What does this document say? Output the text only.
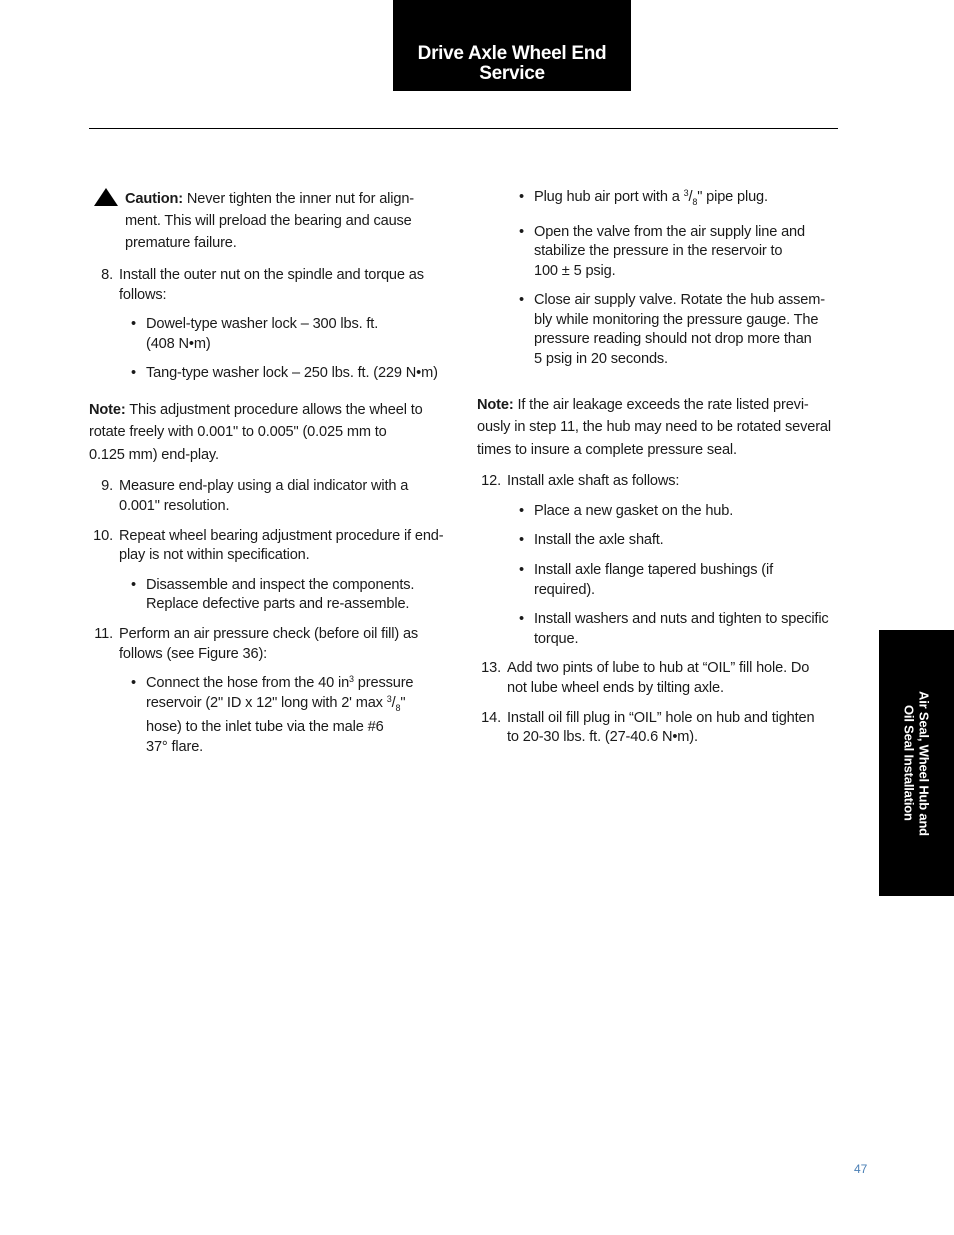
Drive Axle Wheel End
Service

Caution: Never tighten the inner nut for align-
ment. This will preload the bearing and cause
premature failure.

8. Install the outer nut on the spindle and torque as
follows:
• Dowel-type washer lock – 300 lbs. ft.
(408 N•m)
• Tang-type washer lock – 250 lbs. ft. (229 N•m)
Note: This adjustment procedure allows the wheel to
rotate freely with 0.001" to 0.005" (0.025 mm to
0.125 mm) end-play.
9. Measure end-play using a dial indicator with a
0.001" resolution.
10. Repeat wheel bearing adjustment procedure if end-
play is not within specification.
• Disassemble and inspect the components.
Replace defective parts and re-assemble.
11. Perform an air pressure check (before oil fill) as
follows (see Figure 36):
• Connect the hose from the 40 $in^3$ pressure
reservoir (2" ID x 12" long with 2' $\max ^3/_8$"
hose) to the inlet tube via the male #6
37° flare.
• Plug hub air port with a $^3/_8$" pipe plug.
• Open the valve from the air supply line and
stabilize the pressure in the reservoir to
100 ± 5 psig.
• Close air supply valve. Rotate the hub assem-
bly while monitoring the pressure gauge. The
pressure reading should not drop more than
5 psig in 20 seconds.
Note: If the air leakage exceeds the rate listed previ-
ously in step 11, the hub may need to be rotated several
times to insure a complete pressure seal.
12. Install axle shaft as follows:
• Place a new gasket on the hub.
• Install the axle shaft.
• Install axle flange tapered bushings (if
required).
• Install washers and nuts and tighten to specific
torque.
13. Add two pints of lube to hub at “OIL” fill hole. Do
not lube wheel ends by tilting axle.
14. Install oil fill plug in “OIL” hole on hub and tighten
to 20-30 lbs. ft. (27-40.6 N•m).	Air Seal, Wheel Hub and
Oil Seal Installation
47
